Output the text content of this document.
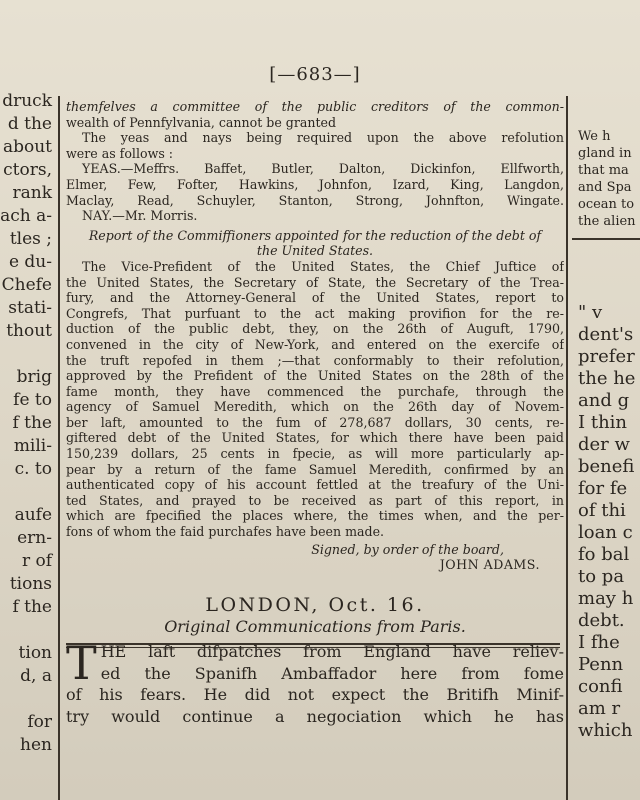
druck
d the
about
ctors,
rank
ach a-
tles ;
e du-
Chefe
stati-
thout

brig
fe to
f the
mili-
c. to

aufe
ern-
r of
tions
f the

tion
d, a

for
hen
We h
gland in
that ma
and Spa
ocean to
the alien
" v
dent's
prefer
the he
and g
I thin
der w
benefi
for fe
of thi
loan c
fo bal
to pa
may h
debt.
I fhe
Penn
confi
am r
which
[—683—]
themfelves a committee of the public creditors of the common-
wealth of Pennfylvania, cannot be granted
The yeas and nays being required upon the above refolution
were as follows :
YEAS.—Meffrs. Baffet, Butler, Dalton, Dickinfon, Ellfworth,
Elmer, Few, Fofter, Hawkins, Johnfon, Izard, King, Langdon,
Maclay, Read, Schuyler, Stanton, Strong, Johnfton, Wingate.
NAY.—Mr. Morris.
Report of the Commiffioners appointed for the reduction of the debt of
the United States.
The Vice-Prefident of the United States, the Chief Juftice of
the United States, the Secretary of State, the Secretary of the Trea-
fury, and the Attorney-General of the United States, report to
Congrefs, That purfuant to the act making provifion for the re-
duction of the public debt, they, on the 26th of Auguft, 1790,
convened in the city of New-York, and entered on the exercife of
the truft repofed in them ;—that conformably to their refolution,
approved by the Prefident of the United States on the 28th of the
fame month, they have commenced the purchafe, through the
agency of Samuel Meredith, which on the 26th day of Novem-
ber laft, amounted to the fum of 278,687 dollars, 30 cents, re-
giftered debt of the United States, for which there have been paid
150,239 dollars, 25 cents in fpecie, as will more particularly ap-
pear by a return of the fame Samuel Meredith, confirmed by an
authenticated copy of his account fettled at the treafury of the Uni-
ted States, and prayed to be received as part of this report, in
which are fpecified the places where, the times when, and the per-
fons of whom the faid purchafes have been made.
Signed, by order of the board,
JOHN ADAMS.
LONDON, Oct. 16.
Original Communications from Paris.
T HE laft difpatches from England have reliev-
ed the Spanifh Ambaffador here from fome
of his fears. He did not expect the Britifh Minif-
try would continue a negociation which he has
